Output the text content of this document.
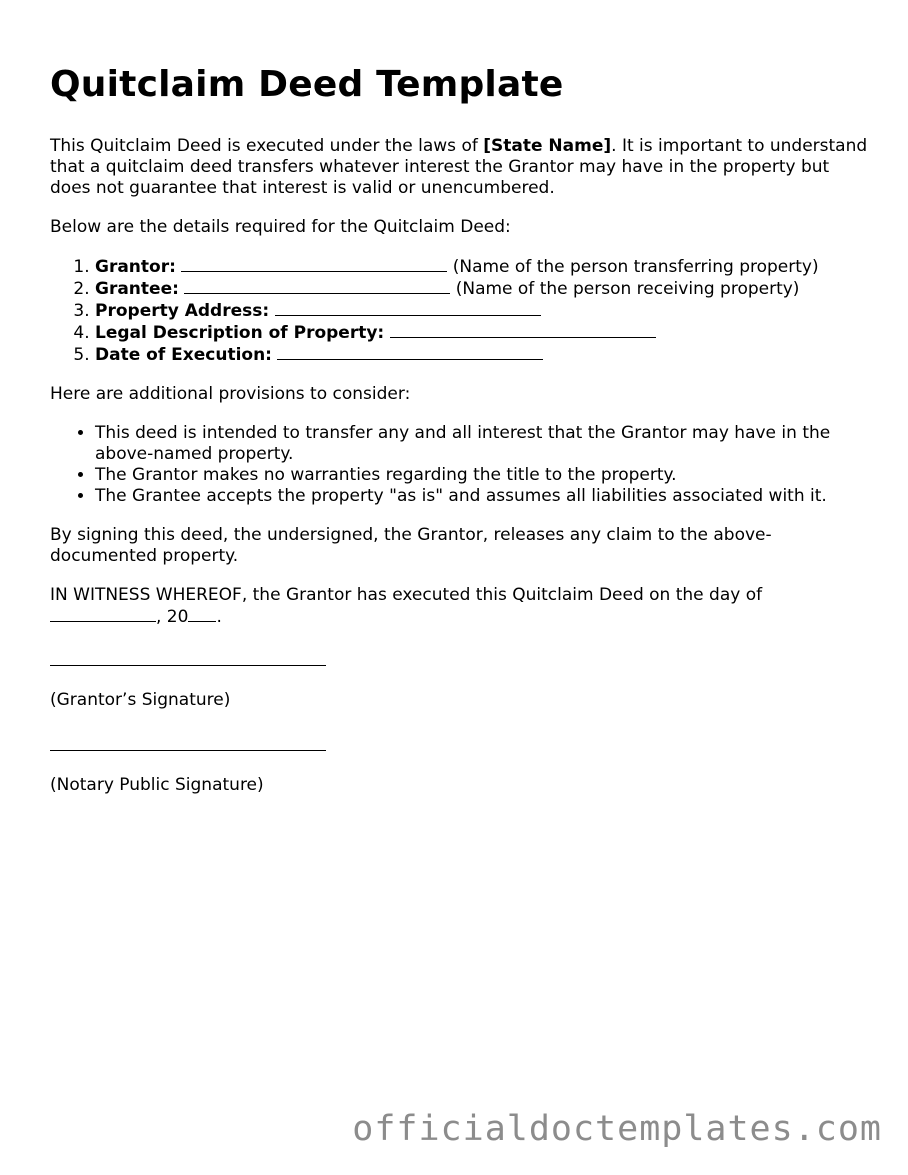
Quitclaim Deed Template

This Quitclaim Deed is executed under the laws of [State Name]. It is important to understand that a quitclaim deed transfers whatever interest the Grantor may have in the property but does not guarantee that interest is valid or unencumbered.

Below are the details required for the Quitclaim Deed:

1. Grantor:	(Name of the person transferring property)
2. Grantee:	(Name of the person receiving property)
3. Property Address:
4. Legal Description of Property:
5. Date of Execution:

Here are additional provisions to consider:

• This deed is intended to transfer any and all interest that the Grantor may have in the above-named property.
• The Grantor makes no warranties regarding the title to the property.
• The Grantee accepts the property "as is" and assumes all liabilities associated with it.

By signing this deed, the undersigned, the Grantor, releases any claim to the above-documented property.

IN WITNESS WHEREOF, the Grantor has executed this Quitclaim Deed on the day of
, 20 .

(Grantor’s Signature)

(Notary Public Signature)

officialdoctemplates.com
